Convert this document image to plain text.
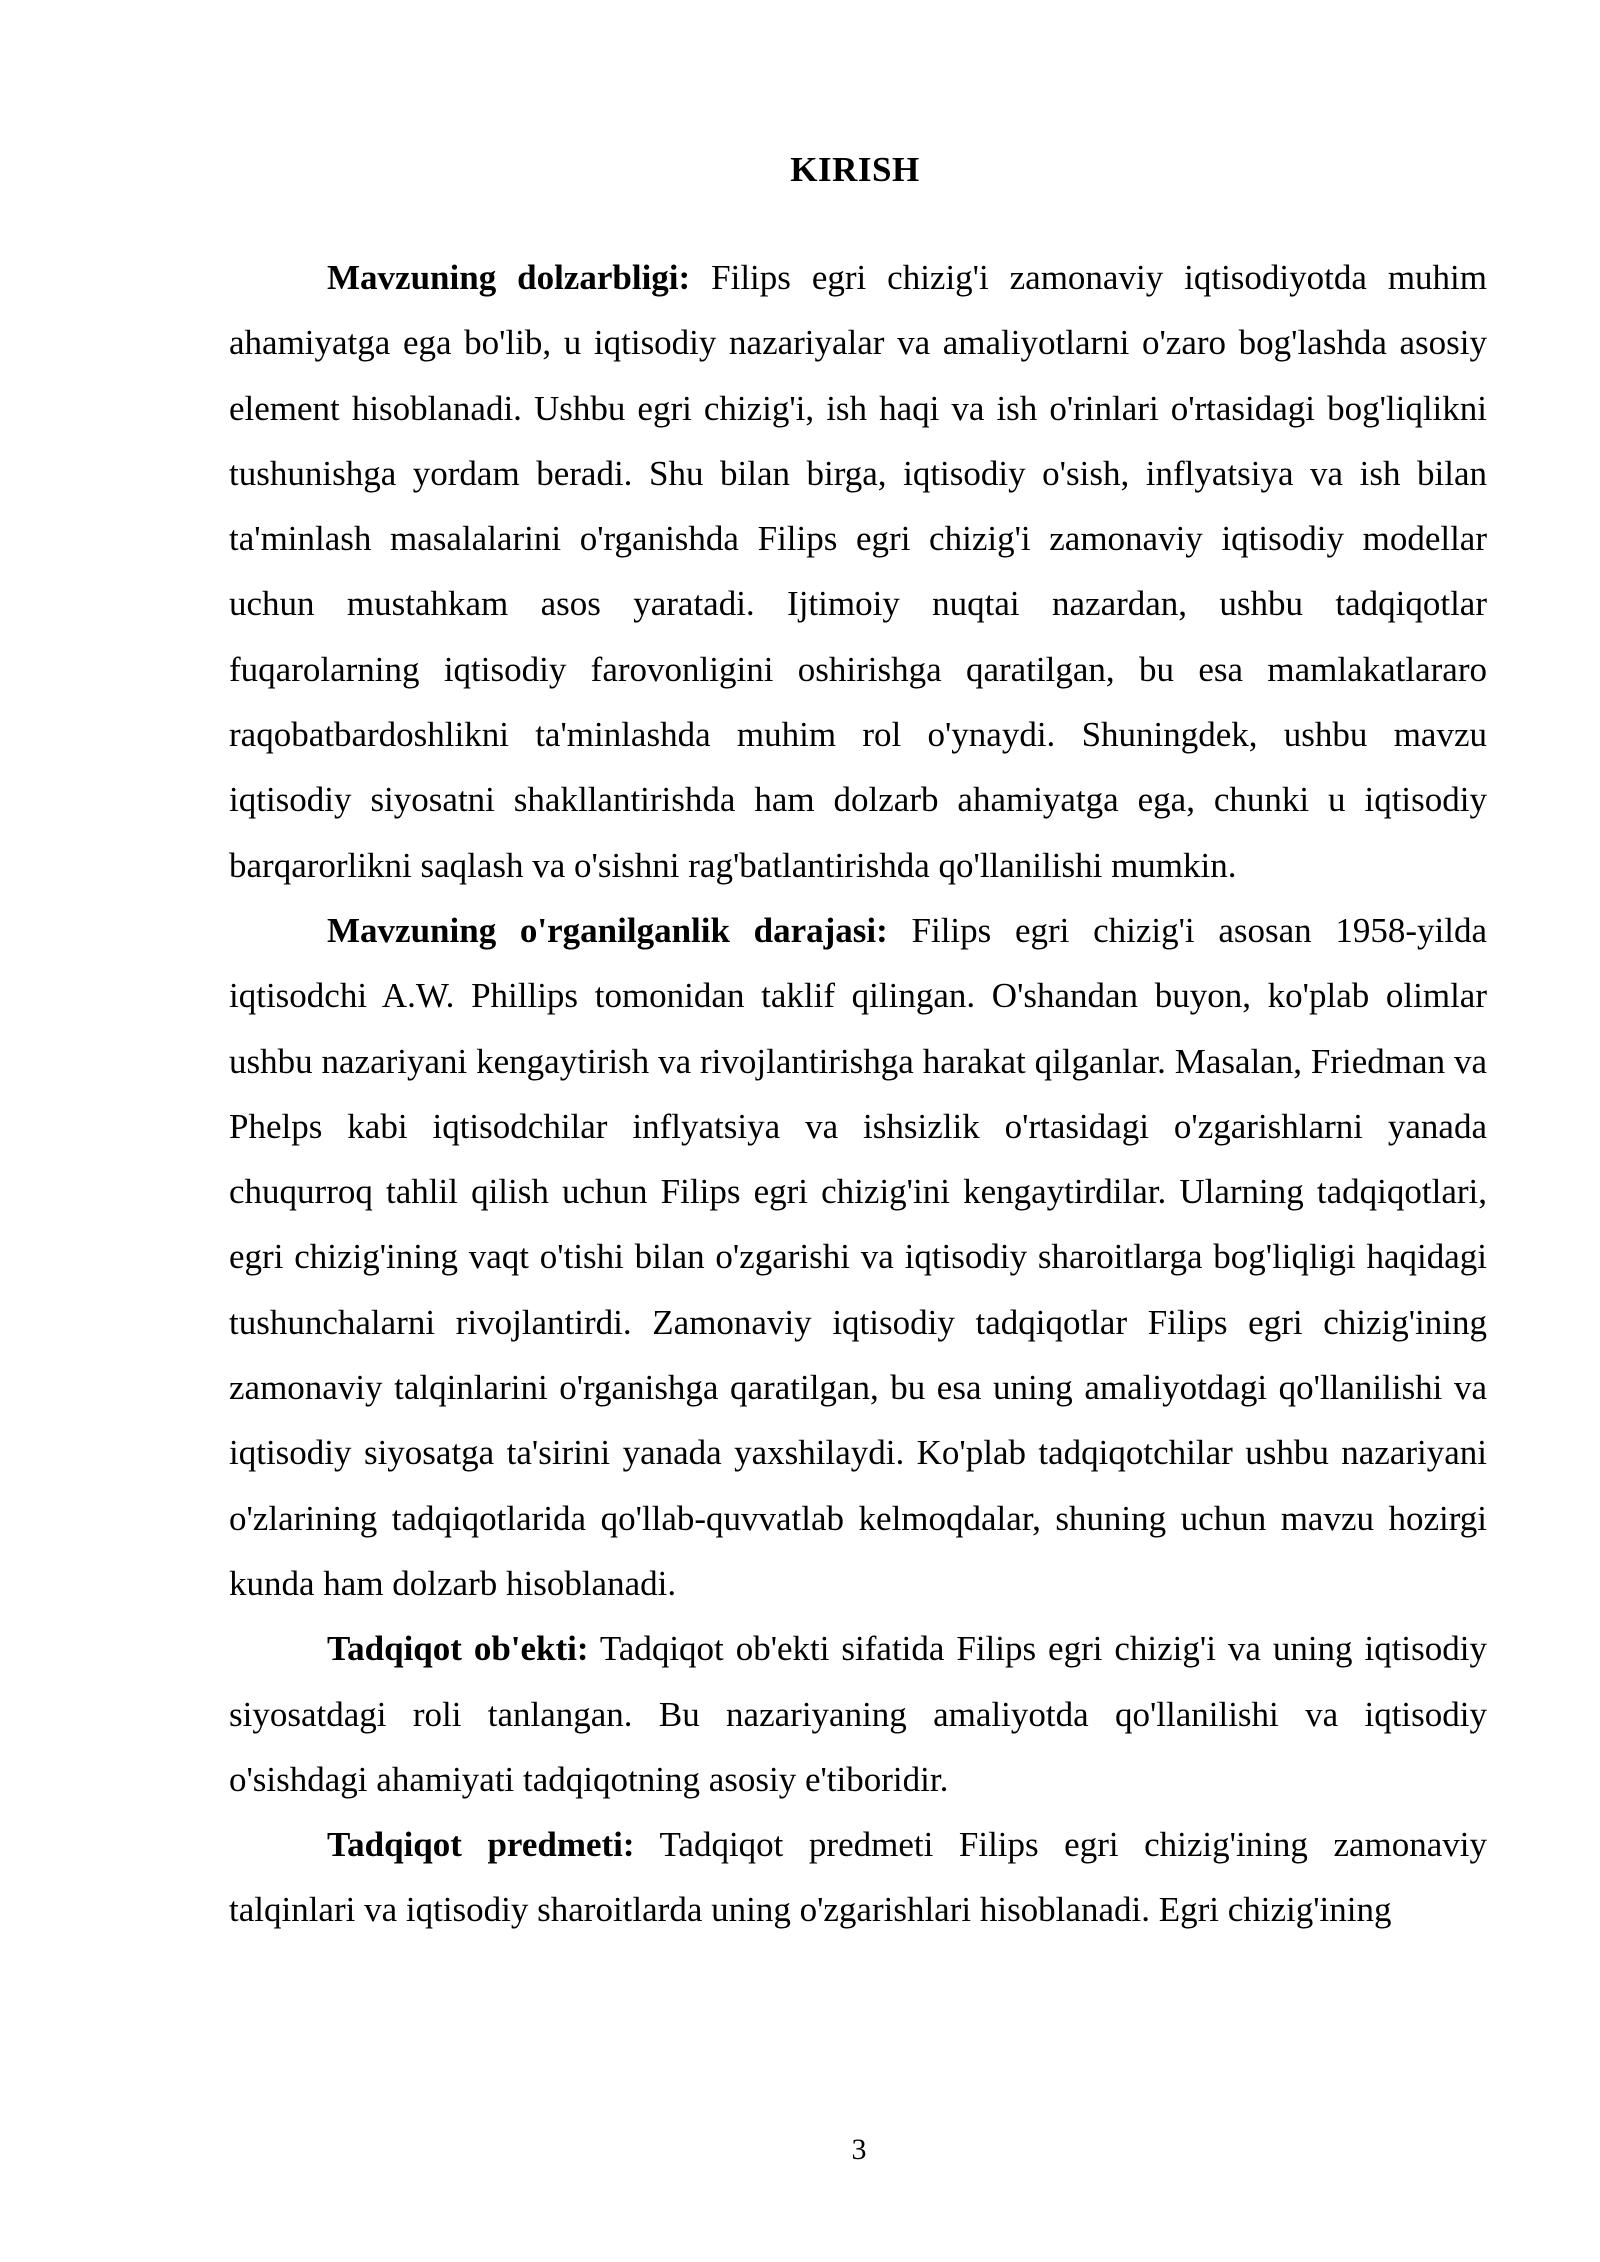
KIRISH

Mavzuning dolzarbligi: Filips egri chizig'i zamonaviy iqtisodiyotda muhim ahamiyatga ega bo'lib, u iqtisodiy nazariyalar va amaliyotlarni o'zaro bog'lashda asosiy element hisoblanadi. Ushbu egri chizig'i, ish haqi va ish o'rinlari o'rtasidagi bog'liqlikni tushunishga yordam beradi. Shu bilan birga, iqtisodiy o'sish, inflyatsiya va ish bilan ta'minlash masalalarini o'rganishda Filips egri chizig'i zamonaviy iqtisodiy modellar uchun mustahkam asos yaratadi. Ijtimoiy nuqtai nazardan, ushbu tadqiqotlar fuqarolarning iqtisodiy farovonligini oshirishga qaratilgan, bu esa mamlakatlararo raqobatbardoshlikni ta'minlashda muhim rol o'ynaydi. Shuningdek, ushbu mavzu iqtisodiy siyosatni shakllantirishda ham dolzarb ahamiyatga ega, chunki u iqtisodiy barqarorlikni saqlash va o'sishni rag'batlantirishda qo'llanilishi mumkin.

Mavzuning o'rganilganlik darajasi: Filips egri chizig'i asosan 1958-yilda iqtisodchi A.W. Phillips tomonidan taklif qilingan. O'shandan buyon, ko'plab olimlar ushbu nazariyani kengaytirish va rivojlantirishga harakat qilganlar. Masalan, Friedman va Phelps kabi iqtisodchilar inflyatsiya va ishsizlik o'rtasidagi o'zgarishlarni yanada chuqurroq tahlil qilish uchun Filips egri chizig'ini kengaytirdilar. Ularning tadqiqotlari, egri chizig'ining vaqt o'tishi bilan o'zgarishi va iqtisodiy sharoitlarga bog'liqligi haqidagi tushunchalarni rivojlantirdi. Zamonaviy iqtisodiy tadqiqotlar Filips egri chizig'ining zamonaviy talqinlarini o'rganishga qaratilgan, bu esa uning amaliyotdagi qo'llanilishi va iqtisodiy siyosatga ta'sirini yanada yaxshilaydi. Ko'plab tadqiqotchilar ushbu nazariyani o'zlarining tadqiqotlarida qo'llab-quvvatlab kelmoqdalar, shuning uchun mavzu hozirgi kunda ham dolzarb hisoblanadi.

Tadqiqot ob'ekti: Tadqiqot ob'ekti sifatida Filips egri chizig'i va uning iqtisodiy siyosatdagi roli tanlangan. Bu nazariyaning amaliyotda qo'llanilishi va iqtisodiy o'sishdagi ahamiyati tadqiqotning asosiy e'tiboridir.

Tadqiqot predmeti: Tadqiqot predmeti Filips egri chizig'ining zamonaviy talqinlari va iqtisodiy sharoitlarda uning o'zgarishlari hisoblanadi. Egri chizig'ining

3
